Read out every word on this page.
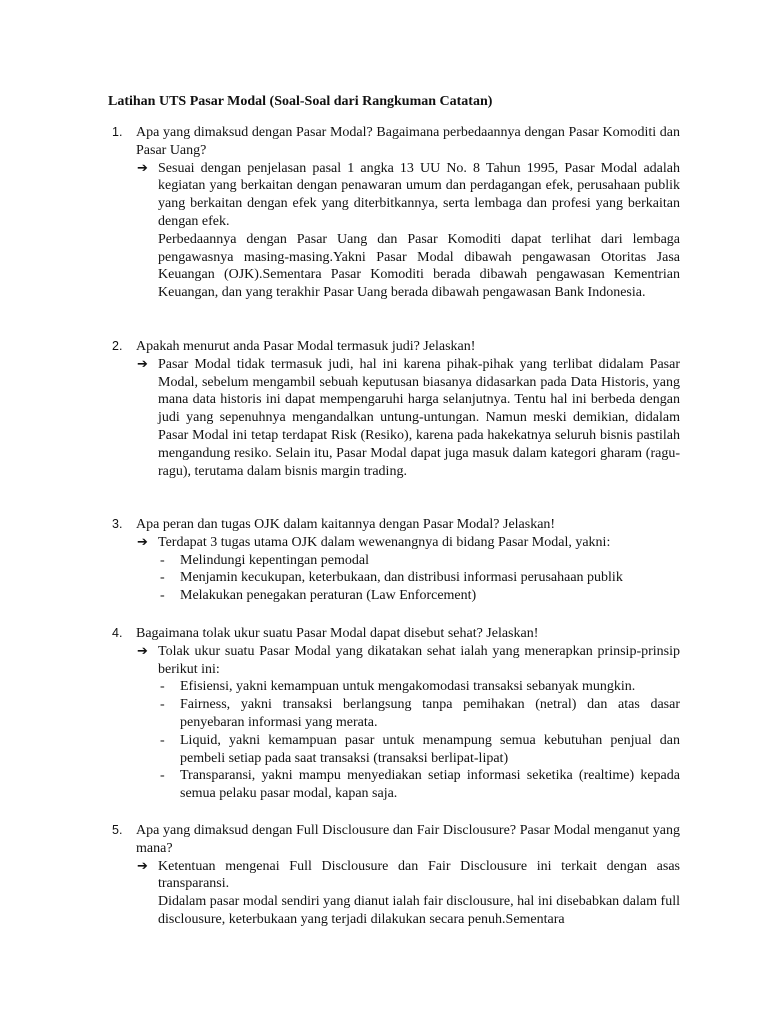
Latihan UTS Pasar Modal (Soal-Soal dari Rangkuman Catatan)
1. Apa yang dimaksud dengan Pasar Modal? Bagaimana perbedaannya dengan Pasar Komoditi dan Pasar Uang?
➔ Sesuai dengan penjelasan pasal 1 angka 13 UU No. 8 Tahun 1995, Pasar Modal adalah kegiatan yang berkaitan dengan penawaran umum dan perdagangan efek, perusahaan publik yang berkaitan dengan efek yang diterbitkannya, serta lembaga dan profesi yang berkaitan dengan efek.

Perbedaannya dengan Pasar Uang dan Pasar Komoditi dapat terlihat dari lembaga pengawasnya masing-masing.Yakni Pasar Modal dibawah pengawasan Otoritas Jasa Keuangan (OJK).Sementara Pasar Komoditi berada dibawah pengawasan Kementrian Keuangan, dan yang terakhir Pasar Uang berada dibawah pengawasan Bank Indonesia.

2. Apakah menurut anda Pasar Modal termasuk judi? Jelaskan!
➔ Pasar Modal tidak termasuk judi, hal ini karena pihak-pihak yang terlibat didalam Pasar Modal, sebelum mengambil sebuah keputusan biasanya didasarkan pada Data Historis, yang mana data historis ini dapat mempengaruhi harga selanjutnya. Tentu hal ini berbeda dengan judi yang sepenuhnya mengandalkan untung-untungan. Namun meski demikian, didalam Pasar Modal ini tetap terdapat Risk (Resiko), karena pada hakekatnya seluruh bisnis pastilah mengandung resiko. Selain itu, Pasar Modal dapat juga masuk dalam kategori gharam (ragu-ragu), terutama dalam bisnis margin trading.

3. Apa peran dan tugas OJK dalam kaitannya dengan Pasar Modal? Jelaskan!
➔ Terdapat 3 tugas utama OJK dalam wewenangnya di bidang Pasar Modal, yakni:

- Melindungi kepentingan pemodal
- Menjamin kecukupan, keterbukaan, dan distribusi informasi perusahaan publik
- Melakukan penegakan peraturan (Law Enforcement)
4. Bagaimana tolak ukur suatu Pasar Modal dapat disebut sehat? Jelaskan!
➔ Tolak ukur suatu Pasar Modal yang dikatakan sehat ialah yang menerapkan prinsip-prinsip berikut ini:

- Efisiensi, yakni kemampuan untuk mengakomodasi transaksi sebanyak mungkin.
- Fairness, yakni transaksi berlangsung tanpa pemihakan (netral) dan atas dasar penyebaran informasi yang merata.
- Liquid, yakni kemampuan pasar untuk menampung semua kebutuhan penjual dan pembeli setiap pada saat transaksi (transaksi berlipat-lipat)
- Transparansi, yakni mampu menyediakan setiap informasi seketika (realtime) kepada semua pelaku pasar modal, kapan saja.
5. Apa yang dimaksud dengan Full Disclousure dan Fair Disclousure? Pasar Modal menganut yang mana?
➔ Ketentuan mengenai Full Disclousure dan Fair Disclousure ini terkait dengan asas transparansi.

Didalam pasar modal sendiri yang dianut ialah fair disclousure, hal ini disebabkan dalam full disclousure, keterbukaan yang terjadi dilakukan secara penuh.Sementara
